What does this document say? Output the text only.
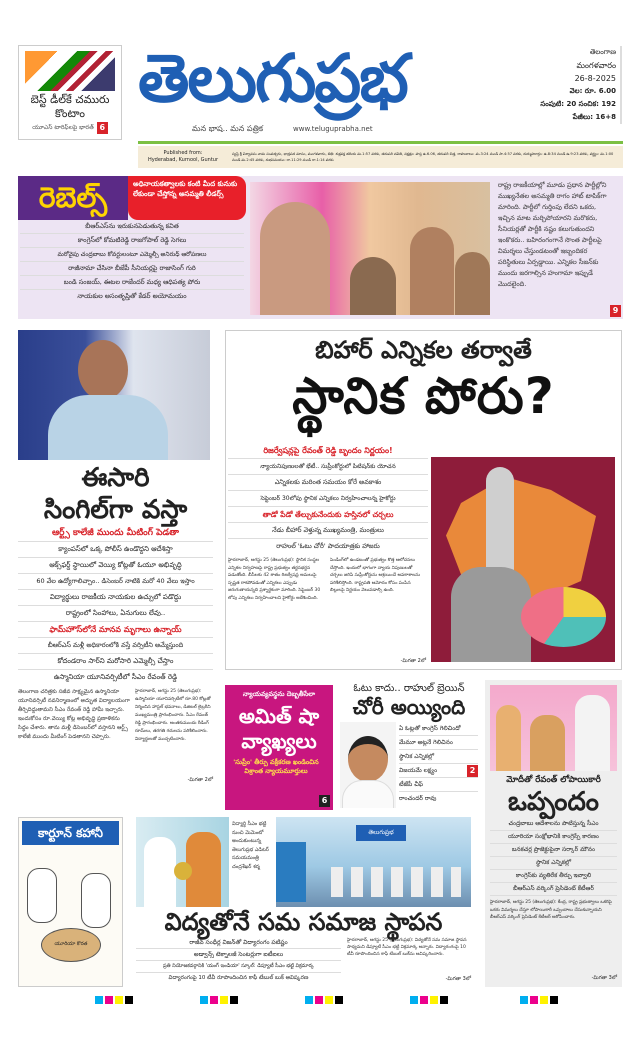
బెస్ట్ డీల్‌కే చమురు కొంటాం
యూఎస్ టారిఫ్‌లపై భారత్ 6
తెలుగుప్రభ
మన భాష.. మన పత్రిక	www.teluguprabha.net
తెలంగాణ
మంగళవారం
26-8-2025
వెల: రూ. 6.00
సంపుటి: 20 సంచిక: 192
పేజీలు: 16+8
Published from:
Hyderabad, Kurnool, Guntur
స్వస్తి శ్రీ విశ్వావసు నామ సంవత్సరం, భాద్రపద మాసం, మంగళవారం, తిథి: శుక్లపక్ష తదియ మ.1:57 వరకు, తదుపరి చవితి, నక్షత్రం: హస్త ఉ.6.06, తదుపరి చిత్త, రాహుకాలం: మ.3:24 నుండి సా.4:57 వరకు, దుర్ముహూర్తం: ఉ.8:34 నుండి ఉ.9:23 వరకు, వర్జ్యం: మ.1:00 నుండి మ.2:45 వరకు, శుభసమయం: రా.11:29 నుండి రా.1:14 వరకు
రెబెల్స్	అధినాయకత్వాలకు కంటి మీద కునుకు లేకుండా చేస్తోన్న అసమ్మతి లీడర్స్
బీఆర్ఎస్‌ను ఇరుకునపెడుతున్న కవిత
కాంగ్రెస్‌లో కోమటిరెడ్డి రాజగోపాల్ రెడ్డి సెగలు
మరోవైపు చంద్రబాబు కోవర్టులంటూ ఎమ్మెల్సీ అనిరుధ్ ఆరోపణలు
రాజీనామా చేసినా బీజేపీ సీనియర్లపై రాజాసింగ్ గురి
బండి సంజయ్, ఈటల రాజేందర్ మధ్య ఆధిపత్య పోరు
నాయకుల అసంతృప్తితో కేడర్ అయోమయం
రాష్ట్ర రాజకీయాల్లో మూడు ప్రధాన పార్టీల్లోని ముఖ్యనేతల అసమ్మతి రాగం హాట్ టాపిక్‌గా మారింది. పార్టీలో గుర్తింపు లేదని ఒకరు, ఇచ్చిన మాట మర్చిపోయారని మరొకరు, సీనియర్లతో పార్టీకి నష్టం కలుగుతుందని ఇంకొకరు.. బహిరంగంగానే సొంత పార్టీలపై విమర్శలు చేస్తుండటంతో ఇబ్బందికర పరిస్థితులు ఏర్పడ్డాయి. ఎన్నికల సీజన్‌కు ముందు జరగాల్సిన హంగామా ఇప్పుడే మొదలైంది.
9
ఈసారి
సింగిల్‌గా వస్తా
ఆర్ట్స్ కాలేజీ ముందు మీటింగ్ పెడతా
క్యాంపస్‌లో ఒక్క పోలీస్ ఉండొద్దని ఆదేశిస్తా
ఆక్స్‌ఫర్డ్ స్థాయిలో వెయ్యి కోట్లతో ఓయూ అభివృద్ధి
60 వేల ఉద్యోగాలిచ్చాం.. డిసెంబర్ నాటికి మరో 40 వేలు ఇస్తాం
విద్యార్థులు రాజకీయ నాయకుల ఉచ్చులో పడొద్దు
రాష్ట్రంలో సింహాలు, ఏనుగులు లేవు..
ఫామ్‌హౌస్‌లోనే మానవ మృగాలు ఉన్నాయ్
బీఆర్ఎస్ మళ్లీ అధికారంలోకి వస్తే వర్సిటీని అమ్మేస్తుంది
కోదండరాం సార్‌ని మరోసారి ఎమ్మెల్సీ చేస్తాం
ఉస్మానియా యూనివర్సిటీలో సీఎం రేవంత్ రెడ్డి
తెలంగాణ చరిత్రకు సజీవ సాక్ష్యమైన ఉస్మానియా యూనివర్సిటీ నవనిర్మాణంలో అద్భుత విద్యాలయంగా తీర్చిదిద్దుతామని సీఎం రేవంత్ రెడ్డి హామీ ఇచ్చారు. ఇందుకోసం రూ.వెయ్యి కోట్ల అభివృద్ధి ప్రణాళికను సిద్ధం చేశారు. తాను మళ్లీ డిసెంబర్‌లో వస్తానని ఆర్ట్స్ కాలేజీ ముందు మీటింగ్ పెడతానని చెప్పారు.
హైదరాబాద్, ఆగస్టు 25 (తెలుగుప్రభ): ఉస్మానియా యూనివర్సిటీలో రూ.80 కోట్లతో నిర్మించిన హాస్టల్ భవనాలు, డిజిటల్ లైబ్రరీని ముఖ్యమంత్రి ప్రారంభించారు. సీఎం రేవంత్ రెడ్డి ప్రారంభించారు. అంతకుముందు రీడింగ్ రూమ్‌లు, తరగతి గదులను పరిశీలించారు. విద్యార్థులతో ముచ్చటించారు.
-మిగతా 2లో
బిహార్ ఎన్నికల తర్వాతే
స్థానిక పోరు?
రిజర్వేషన్లపై రేవంత్ రెడ్డి బృందం నిర్ణయం!
న్యాయనిపుణులతో భేటీ.. సుప్రీంకోర్టులో పిటిషన్‌కు యోచన
ఎన్నికలకు మరింత సమయం కోరే అవకాశం
సెప్టెంబర్ 30లోపు స్థానిక ఎన్నికలు నిర్వహించాలన్న హైకోర్టు
తాడో పేడో తేల్చుకునేందుకు హస్తినలో చర్చలు
నేడు బీహార్ వెళ్తున్న ముఖ్యమంత్రి, మంత్రులు
రాహుల్ 'ఓటు చోరీ' పాదయాత్రకు హాజరు
హైదరాబాద్, ఆగస్టు 25 (తెలుగుప్రభ): స్థానిక సంస్థల ఎన్నికల నిర్వహణపై రాష్ట్ర ప్రభుత్వం తర్జనభర్జన పడుతోంది. బీసీలకు 42 శాతం రిజర్వేషన్ల అమలుపై స్పష్టత రాకపోవడంతో ఎన్నికలు ఎప్పుడు జరుగుతాయన్నది ప్రశ్నార్థకంగా మారింది. సెప్టెంబర్ 30 లోపు ఎన్నికలు నిర్వహించాలని హైకోర్టు ఆదేశించింది.
పెండింగ్‌లో ఉండటంతో ప్రభుత్వం కొత్త ఆలోచనలు చేస్తోంది. ఇందులో భాగంగా న్యాయ నిపుణులతో చర్చలు జరిపి సుప్రీంకోర్టును ఆశ్రయించే అవకాశాలను పరిశీలిస్తోంది. రాష్ట్రపతి ఆమోదం కోసం పంపిన బిల్లులపై నిర్ణయం వెలువడాల్సి ఉంది.
-మిగతా 2లో
న్యాయవ్యవస్థను దెబ్బతీసేలా
అమిత్ షా వ్యాఖ్యలు
'సుప్రీం' తీర్పు వక్రీకరణ ఖండించిన విశ్రాంత న్యాయమూర్తులు
6
ఓటు కాదు.. రాహుల్ బ్రెయిన్
చోరీ అయ్యింది
ఏ ఓట్లతో కాంగ్రెస్ గెలిచిందో
మేమూ అట్లనే గెలిచినం
స్థానిక ఎన్నికల్లో
విజయమే లక్ష్యం	2
టీజేపీ చీఫ్
రాంచందర్ రావు
మోదీతో రేవంత్ లోపాయికారీ
ఒప్పందం
చంద్రబాబు ఆదేశాలను పాటిస్తున్న సీఎం
యూరియా సంక్షోభానికి కాంగ్రెస్సే కారణం
బనకచర్ల ప్రాజెక్టుపైనా సర్కార్ మౌనం
స్థానిక ఎన్నికల్లో
కాంగ్రెస్‌కు వ్యతిరేక తీర్పు ఇవ్వాలి
బీఆర్ఎస్ వర్కింగ్ ప్రెసిడెంట్ కేటీఆర్
హైదరాబాద్, ఆగస్టు 25 (తెలుగుప్రభ): కేంద్ర, రాష్ట్ర ప్రభుత్వాలు ఒకరిపై ఒకరు విమర్శలు చేస్తూ లోపాయికారీ ఒప్పందాలు చేసుకున్నాయని బీఆర్ఎస్ వర్కింగ్ ప్రెసిడెంట్ కేటీఆర్ ఆరోపించారు.
-మిగతా 3లో
కార్టూన్ కహానీ
యూరియా కొరత
విద్యార్థి సీఎం భట్టి నుంచి మెమెంటో అందుకుంటున్న తెలుగుప్రభ ఎడిటర్ సమయమంత్రి చంద్రశేఖర్ శర్మ
తెలుగుప్రభ
విద్యతోనే సమ సమాజ స్థాపన
రాజీవ్ సంధీర్ల విజన్‌తో విద్యారంగం పటిష్టం
అడ్వాన్స్ టెక్నాలజీ సెంటర్లుగా ఐటీఐలు
ప్రతి నియోజకవర్గానికి 'యంగ్ ఇండియా' స్కూల్: డిప్యూటీ సీఎం భట్టి విక్రమార్క
విద్యారంగంపై 10 టీవీ రూపొందించిన కాఫీ టేబుల్ బుక్ ఆవిష్కరణ
హైదరాబాద్, ఆగస్టు 25 (తెలుగుప్రభ): విద్యతోనే సమ సమాజ స్థాపన సాధ్యమని డిప్యూటీ సీఎం భట్టి విక్రమార్క అన్నారు. విద్యారంగంపై 10 టీవీ రూపొందించిన కాఫీ టేబుల్ బుక్‌ను ఆవిష్కరించారు.
-మిగతా 3లో
